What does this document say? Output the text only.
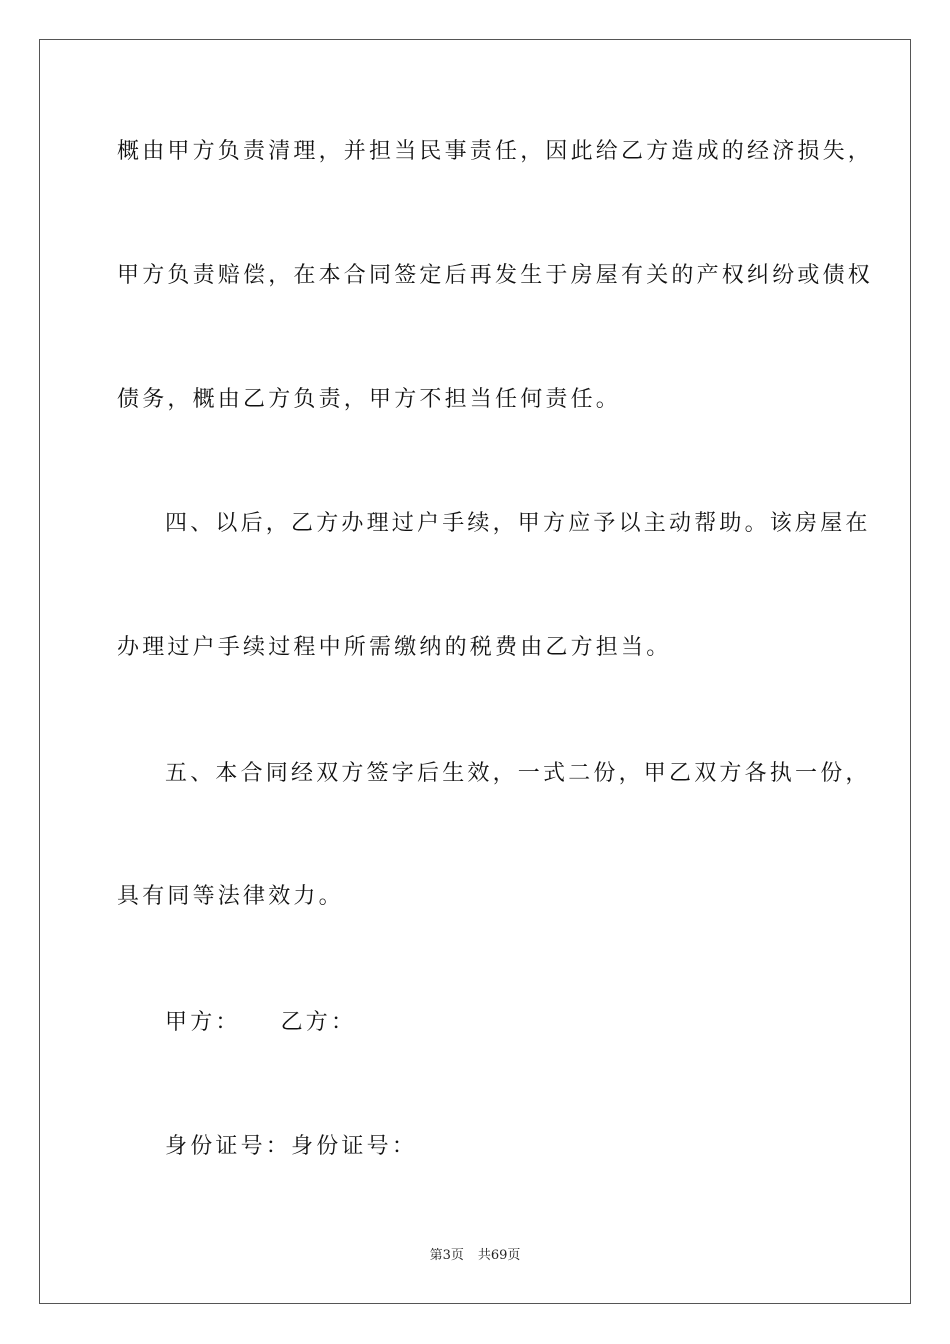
概由甲方负责清理，并担当民事责任，因此给乙方造成的经济损失，
甲方负责赔偿，在本合同签定后再发生于房屋有关的产权纠纷或债权
债务，概由乙方负责，甲方不担当任何责任。
四、以后，乙方办理过户手续，甲方应予以主动帮助。该房屋在
办理过户手续过程中所需缴纳的税费由乙方担当。
五、本合同经双方签字后生效，一式二份，甲乙双方各执一份，
具有同等法律效力。
甲方： 乙方：
身份证号：身份证号：
第3页 共69页
